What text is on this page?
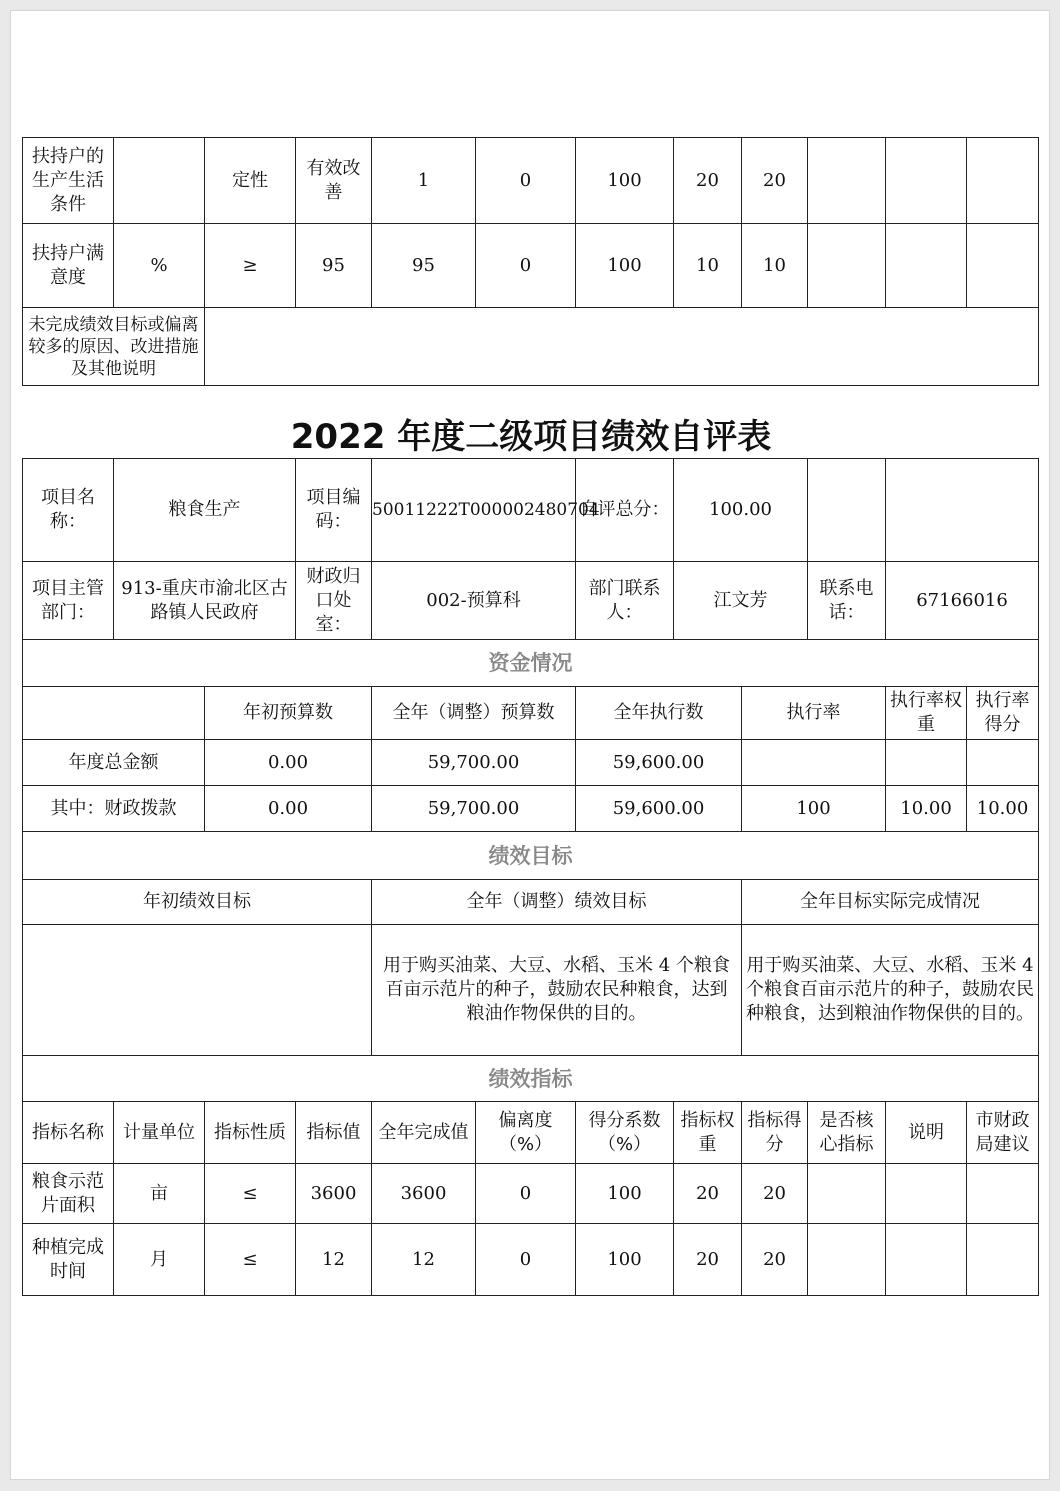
扶持户的生产生活条件		定性	有效改善	1	0	100	20	20			
扶持户满意度	%	≥	95	95	0	100	10	10			
未完成绩效目标或偏离较多的原因、改进措施及其他说明											
2022 年度二级项目绩效自评表
项目名称：	粮食生产		项目编码：	50011222T000002480704		自评总分：	100.00				
项目主管部门：	913-重庆市渝北区古路镇人民政府		财政归口处室：	002-预算科		部门联系人：	江文芳		联系电话：	67166016	
资金情况											
		年初预算数		全年（调整）预算数		全年执行数		执行率		执行率权重	执行率得分
年度总金额		0.00		59,700.00		59,600.00					
其中：财政拨款		0.00		59,700.00		59,600.00		100		10.00	10.00
绩效目标											
年初绩效目标				全年（调整）绩效目标				全年目标实际完成情况			
				用于购买油菜、大豆、水稻、玉米 4 个粮食百亩示范片的种子，鼓励农民种粮食，达到粮油作物保供的目的。				用于购买油菜、大豆、水稻、玉米 4 个粮食百亩示范片的种子，鼓励农民种粮食，达到粮油作物保供的目的。			
绩效指标											
指标名称	计量单位	指标性质	指标值	全年完成值	偏离度（%）	得分系数（%）	指标权重	指标得分	是否核心指标	说明	市财政局建议
粮食示范片面积	亩	≤	3600	3600	0	100	20	20			
种植完成时间	月	≤	12	12	0	100	20	20			
